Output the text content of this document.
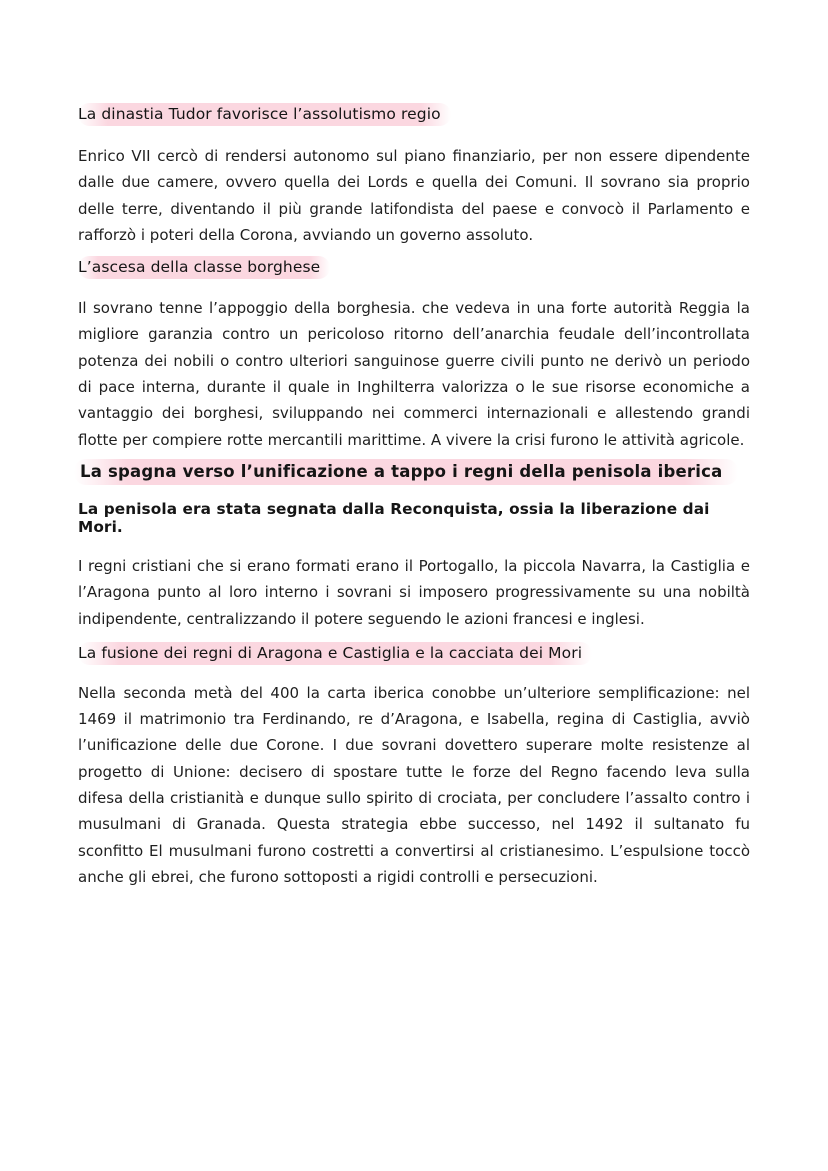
La dinastia Tudor favorisce l’assolutismo regio

Enrico VII cercò di rendersi autonomo sul piano finanziario, per non essere dipendente dalle due camere, ovvero quella dei Lords e quella dei Comuni. Il sovrano sia proprio delle terre, diventando il più grande latifondista del paese e convocò il Parlamento e rafforzò i poteri della Corona, avviando un governo assoluto.

L’ascesa della classe borghese

Il sovrano tenne l’appoggio della borghesia. che vedeva in una forte autorità Reggia la migliore garanzia contro un pericoloso ritorno dell’anarchia feudale dell’incontrollata potenza dei nobili o contro ulteriori sanguinose guerre civili punto ne derivò un periodo di pace interna, durante il quale in Inghilterra valorizza o le sue risorse economiche a vantaggio dei borghesi, sviluppando nei commerci internazionali e allestendo grandi flotte per compiere rotte mercantili marittime. A vivere la crisi furono le attività agricole.

La spagna verso l’unificazione a tappo i regni della penisola iberica
La penisola era stata segnata dalla Reconquista, ossia la liberazione dai Mori.

I regni cristiani che si erano formati erano il Portogallo, la piccola Navarra, la Castiglia e l’Aragona punto al loro interno i sovrani si imposero progressivamente su una nobiltà indipendente, centralizzando il potere seguendo le azioni francesi e inglesi.

La fusione dei regni di Aragona e Castiglia e la cacciata dei Mori

Nella seconda metà del 400 la carta iberica conobbe un’ulteriore semplificazione: nel 1469 il matrimonio tra Ferdinando, re d’Aragona, e Isabella, regina di Castiglia, avviò l’unificazione delle due Corone. I due sovrani dovettero superare molte resistenze al progetto di Unione: decisero di spostare tutte le forze del Regno facendo leva sulla difesa della cristianità e dunque sullo spirito di crociata, per concludere l’assalto contro i musulmani di Granada. Questa strategia ebbe successo, nel 1492 il sultanato fu sconfitto El musulmani furono costretti a convertirsi al cristianesimo. L’espulsione toccò anche gli ebrei, che furono sottoposti a rigidi controlli e persecuzioni.
